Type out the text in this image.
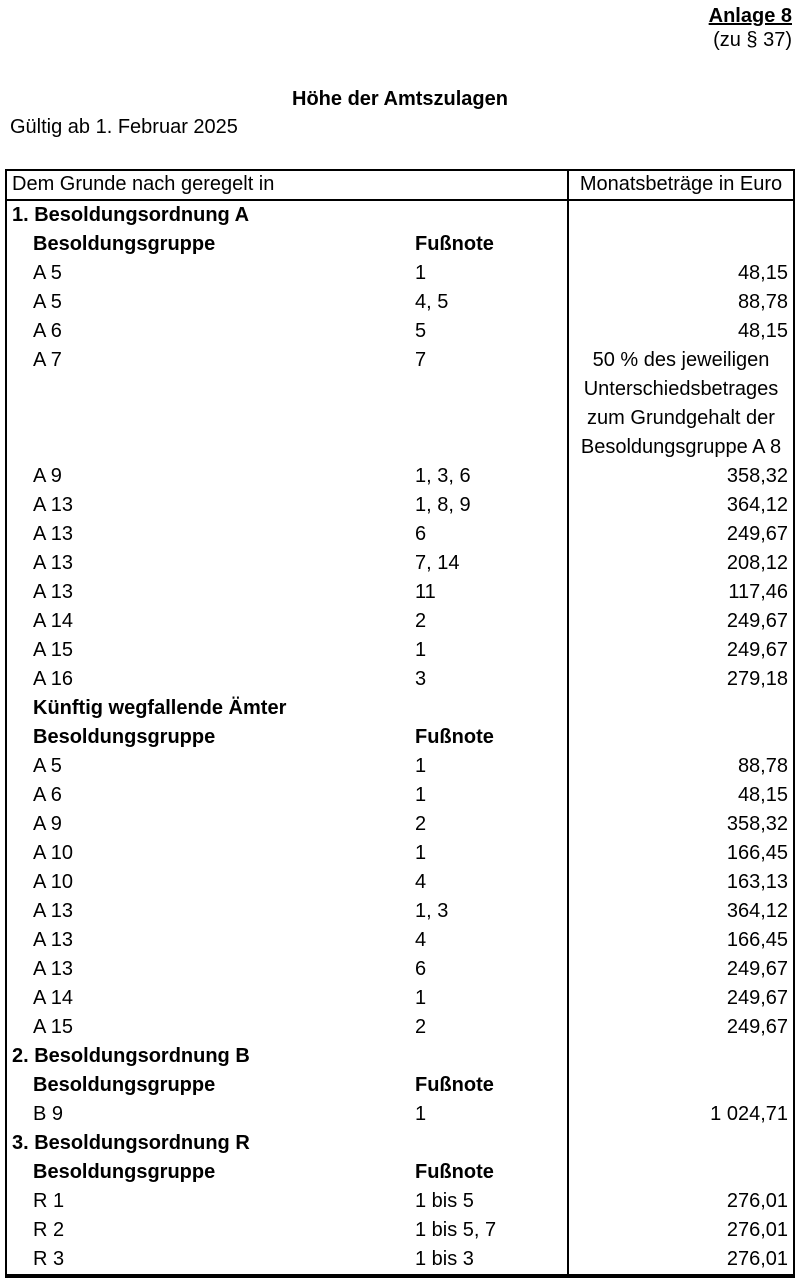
Anlage 8
(zu § 37)
Höhe der Amtszulagen
Gültig ab 1. Februar 2025
Dem Grunde nach geregelt in	Monatsbeträge in Euro
1. Besoldungsordnung A
Besoldungsgruppe	Fußnote
A 5	1	48,15
A 5	4, 5	88,78
A 6	5	48,15
A 7	7	50 % des jeweiligen
Unterschiedsbetrages
zum Grundgehalt der
Besoldungsgruppe A 8
A 9	1, 3, 6	358,32
A 13	1, 8, 9	364,12
A 13	6	249,67
A 13	7, 14	208,12
A 13	11	117,46
A 14	2	249,67
A 15	1	249,67
A 16	3	279,18
Künftig wegfallende Ämter
Besoldungsgruppe	Fußnote
A 5	1	88,78
A 6	1	48,15
A 9	2	358,32
A 10	1	166,45
A 10	4	163,13
A 13	1, 3	364,12
A 13	4	166,45
A 13	6	249,67
A 14	1	249,67
A 15	2	249,67
2. Besoldungsordnung B
Besoldungsgruppe	Fußnote
B 9	1	1 024,71
3. Besoldungsordnung R
Besoldungsgruppe	Fußnote
R 1	1 bis 5	276,01
R 2	1 bis 5, 7	276,01
R 3	1 bis 3	276,01
